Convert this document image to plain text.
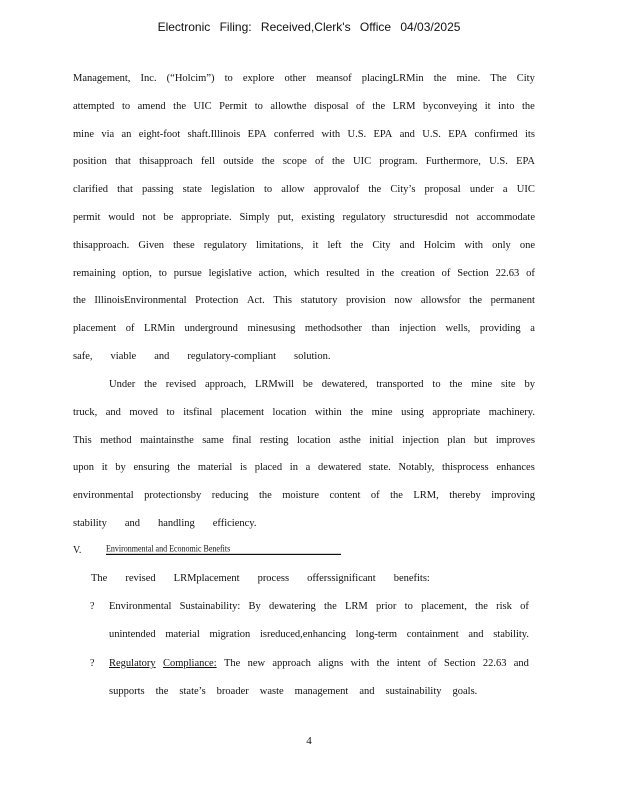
Electronic Filing: Received,Clerk's Office 04/03/2025
Management, Inc. (“Holcim”) to explore other meansof placingLRMin the mine. The City
attempted to amend the UIC Permit to allowthe disposal of the LRM byconveying it into the
mine via an eight-foot shaft.Illinois EPA conferred with U.S. EPA and U.S. EPA confirmed its
position that thisapproach fell outside the scope of the UIC program. Furthermore, U.S. EPA
clarified that passing state legislation to allow approvalof the City’s proposal under a UIC
permit would not be appropriate. Simply put, existing regulatory structuresdid not accommodate
thisapproach. Given these regulatory limitations, it left the City and Holcim with only one
remaining option, to pursue legislative action, which resulted in the creation of Section 22.63 of
the IllinoisEnvironmental Protection Act. This statutory provision now allowsfor the permanent
placement of LRMin underground minesusing methodsother than injection wells, providing a
safe, viable and regulatory-compliant solution.
Under the revised approach, LRMwill be dewatered, transported to the mine site by
truck, and moved to itsfinal placement location within the mine using appropriate machinery.
This method maintainsthe same final resting location asthe initial injection plan but improves
upon it by ensuring the material is placed in a dewatered state. Notably, thisprocess enhances
environmental protectionsby reducing the moisture content of the LRM, thereby improving
stability and handling efficiency.
V.	Environmental and Economic Benefits
The revised LRMplacement process offerssignificant benefits:
? Environmental Sustainability: By dewatering the LRM prior to placement, the risk of
unintended material migration isreduced,enhancing long-term containment and stability.
? Regulatory Compliance: The new approach aligns with the intent of Section 22.63 and
supports the state’s broader waste management and sustainability goals.
4
